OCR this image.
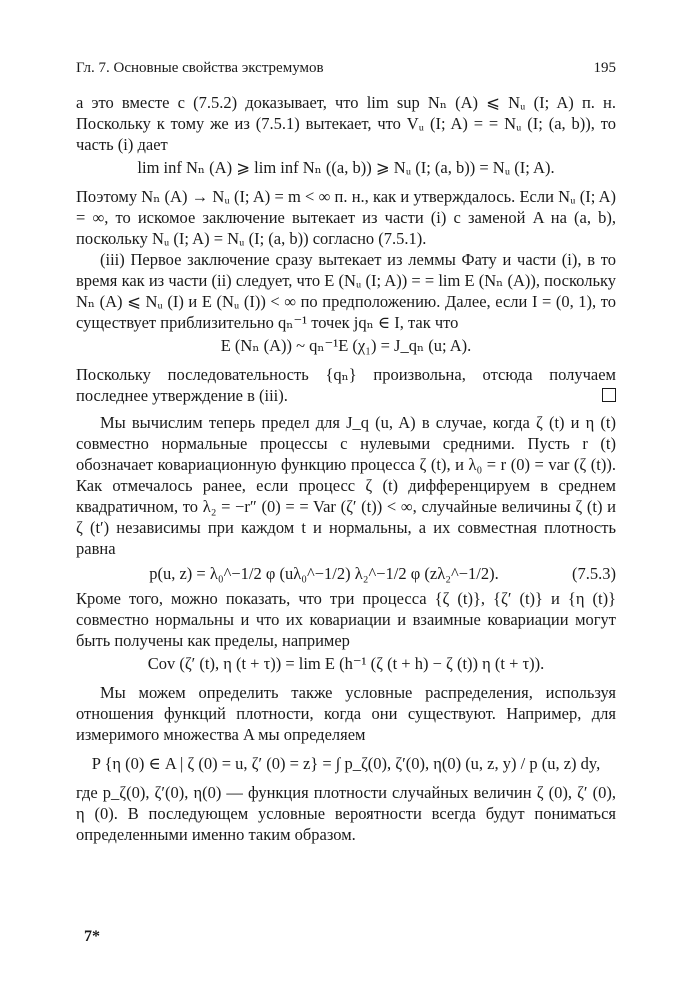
Гл. 7. Основные свойства экстремумов	195

а это вместе с (7.5.2) доказывает, что lim sup Nₙ (A) ⩽ Nᵤ (I; A) п. н. Поскольку к тому же из (7.5.1) вытекает, что Vᵤ (I; A) = = Nᵤ (I; (a, b)), то часть (i) дает

lim inf Nₙ (A) ⩾ lim inf Nₙ ((a, b)) ⩾ Nᵤ (I; (a, b)) = Nᵤ (I; A).

Поэтому Nₙ (A) → Nᵤ (I; A) = m < ∞ п. н., как и утверждалось. Если Nᵤ (I; A) = ∞, то искомое заключение вытекает из части (i) с заменой A на (a, b), поскольку Nᵤ (I; A) = Nᵤ (I; (a, b)) согласно (7.5.1).

(iii) Первое заключение сразу вытекает из леммы Фату и части (i), в то время как из части (ii) следует, что E (Nᵤ (I; A)) = = lim E (Nₙ (A)), поскольку Nₙ (A) ⩽ Nᵤ (I) и E (Nᵤ (I)) < ∞ по предположению. Далее, если I = (0, 1), то существует приблизительно qₙ⁻¹ точек jqₙ ∈ I, так что

E (Nₙ (A)) ~ qₙ⁻¹E (χ₁) = J_qₙ (u; A).

Поскольку последовательность {qₙ} произвольна, отсюда получаем последнее утверждение в (iii).

Мы вычислим теперь предел для J_q (u, A) в случае, когда ζ (t) и η (t) совместно нормальные процессы с нулевыми средними. Пусть r (t) обозначает ковариационную функцию процесса ζ (t), и λ₀ = r (0) = var (ζ (t)). Как отмечалось ранее, если процесс ζ (t) дифференцируем в среднем квадратичном, то λ₂ = −r″ (0) = = Var (ζ′ (t)) < ∞, случайные величины ζ (t) и ζ (t′) независимы при каждом t и нормальны, а их совместная плотность равна

p(u, z) = λ₀^−1/2 φ (uλ₀^−1/2) λ₂^−1/2 φ (zλ₂^−1/2).	(7.5.3)

Кроме того, можно показать, что три процесса {ζ (t)}, {ζ′ (t)} и {η (t)} совместно нормальны и что их ковариации и взаимные ковариации могут быть получены как пределы, например

Cov (ζ′ (t), η (t + τ)) = lim E (h⁻¹ (ζ (t + h) − ζ (t)) η (t + τ)).

Мы можем определить также условные распределения, используя отношения функций плотности, когда они существуют. Например, для измеримого множества A мы определяем

P {η (0) ∈ A | ζ (0) = u, ζ′ (0) = z} = ∫ p_ζ(0), ζ′(0), η(0) (u, z, y) / p (u, z) dy,

где p_ζ(0), ζ′(0), η(0) — функция плотности случайных величин ζ (0), ζ′ (0), η (0). В последующем условные вероятности всегда будут пониматься определенными именно таким образом.

7*
